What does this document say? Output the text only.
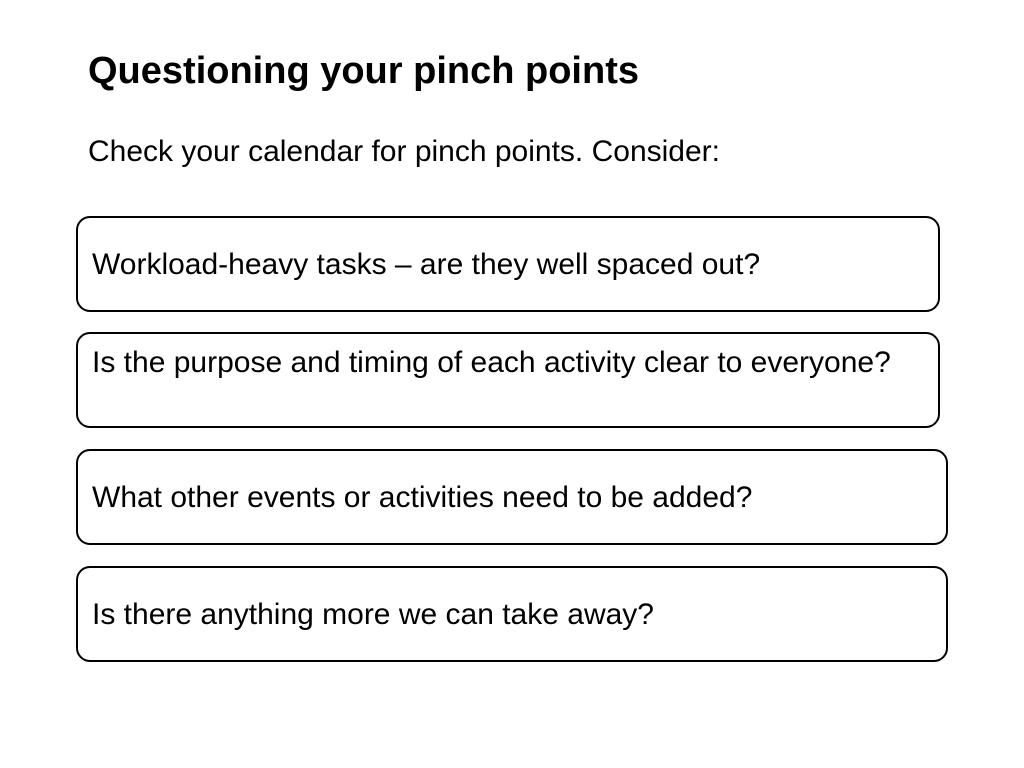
Questioning your pinch points

Check your calendar for pinch points. Consider:

Workload-heavy tasks – are they well spaced out?
Is the purpose and timing of each activity clear to everyone?
What other events or activities need to be added?
Is there anything more we can take away?
